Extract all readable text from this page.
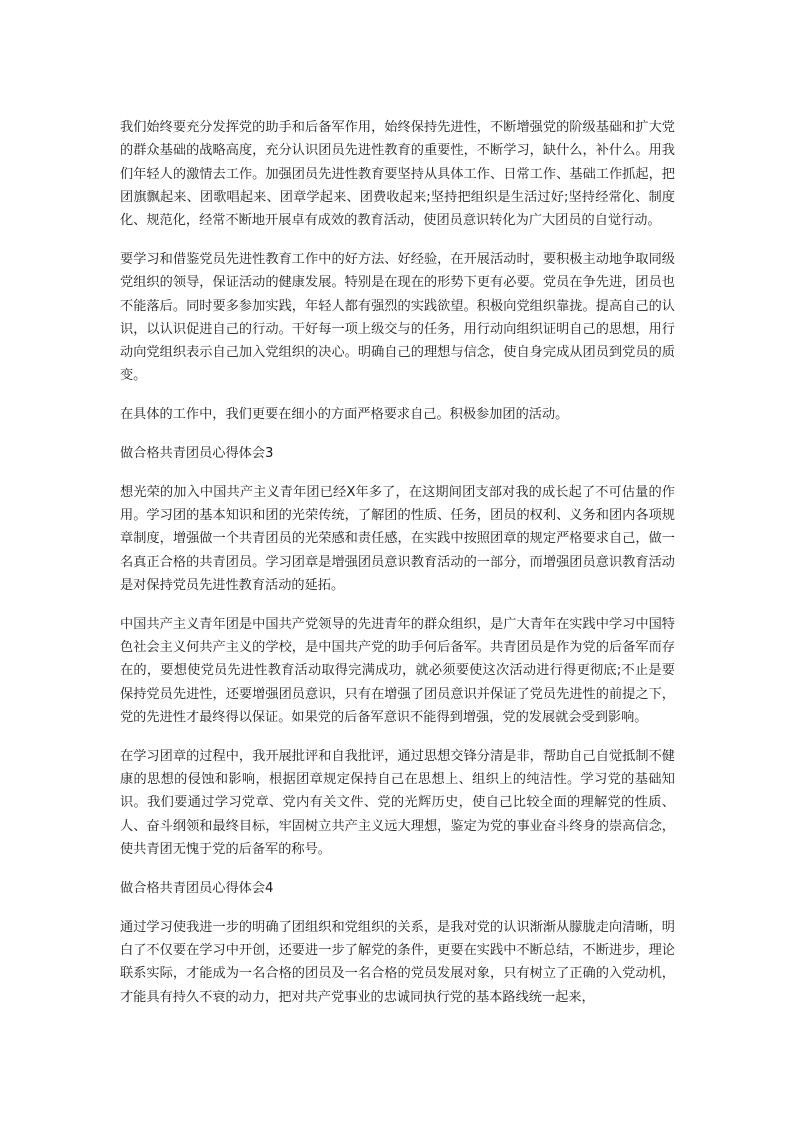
我们始终要充分发挥党的助手和后备军作用，始终保持先进性，不断增强党的阶级基础和扩大党的群众基础的战略高度，充分认识团员先进性教育的重要性，不断学习，缺什么，补什么。用我们年轻人的激情去工作。加强团员先进性教育要坚持从具体工作、日常工作、基础工作抓起，把团旗飘起来、团歌唱起来、团章学起来、团费收起来;坚持把组织是生活过好;坚持经常化、制度化、规范化，经常不断地开展卓有成效的教育活动，使团员意识转化为广大团员的自觉行动。

要学习和借鉴党员先进性教育工作中的好方法、好经验，在开展活动时，要积极主动地争取同级党组织的领导，保证活动的健康发展。特别是在现在的形势下更有必要。党员在争先进，团员也不能落后。同时要多参加实践，年轻人都有强烈的实践欲望。积极向党组织靠拢。提高自己的认识，以认识促进自己的行动。干好每一项上级交与的任务，用行动向组织证明自己的思想，用行动向党组织表示自己加入党组织的决心。明确自己的理想与信念，使自身完成从团员到党员的质变。

在具体的工作中，我们更要在细小的方面严格要求自己。积极参加团的活动。

做合格共青团员心得体会3

想光荣的加入中国共产主义青年团已经X年多了，在这期间团支部对我的成长起了不可估量的作用。学习团的基本知识和团的光荣传统，了解团的性质、任务，团员的权利、义务和团内各项规章制度，增强做一个共青团员的光荣感和责任感，在实践中按照团章的规定严格要求自己，做一名真正合格的共青团员。学习团章是增强团员意识教育活动的一部分，而增强团员意识教育活动是对保持党员先进性教育活动的延拓。

中国共产主义青年团是中国共产党领导的先进青年的群众组织，是广大青年在实践中学习中国特色社会主义何共产主义的学校，是中国共产党的助手何后备军。共青团员是作为党的后备军而存在的，要想使党员先进性教育活动取得完满成功，就必须要使这次活动进行得更彻底;不止是要保持党员先进性，还要增强团员意识，只有在增强了团员意识并保证了党员先进性的前提之下，党的先进性才最终得以保证。如果党的后备军意识不能得到增强，党的发展就会受到影响。

在学习团章的过程中，我开展批评和自我批评，通过思想交锋分清是非，帮助自己自觉抵制不健康的思想的侵蚀和影响，根据团章规定保持自己在思想上、组织上的纯洁性。学习党的基础知识。我们要通过学习党章、党内有关文件、党的光辉历史，使自己比较全面的理解党的性质、人、奋斗纲领和最终目标，牢固树立共产主义远大理想，鉴定为党的事业奋斗终身的崇高信念，使共青团无愧于党的后备军的称号。

做合格共青团员心得体会4

通过学习使我进一步的明确了团组织和党组织的关系，是我对党的认识渐渐从朦胧走向清晰，明白了不仅要在学习中开创，还要进一步了解党的条件，更要在实践中不断总结，不断进步，理论联系实际，才能成为一名合格的团员及一名合格的党员发展对象，只有树立了正确的入党动机，才能具有持久不衰的动力，把对共产党事业的忠诚同执行党的基本路线统一起来，
